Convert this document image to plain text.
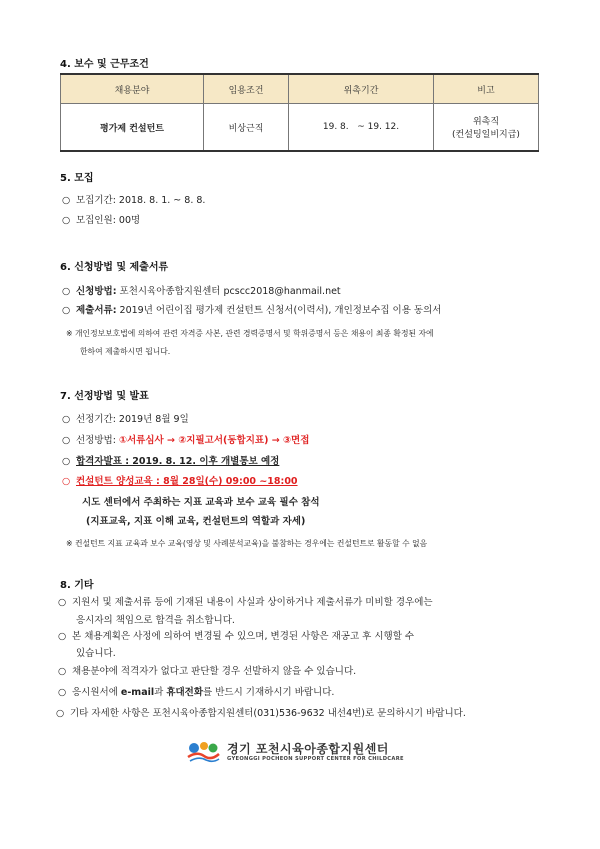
4. 보수 및 근무조건
채용분야	임용조건	위촉기간	비고
평가제 컨설턴트	비상근직	19. 8.   ~ 19. 12.	위촉직
(컨설팅일비지급)
5. 모집
○ 모집기간: 2018. 8. 1. ~ 8. 8.
○ 모집인원: 00명
6. 신청방법 및 제출서류
○ 신청방법: 포천시육아종합지원센터 pcscc2018@hanmail.net
○ 제출서류: 2019년 어린이집 평가제 컨설턴트 신청서(이력서), 개인정보수집 이용 동의서
※ 개인정보보호법에 의하여 관련 자격증 사본, 관련 경력증명서 및 학위증명서 등은 채용이 최종 확정된 자에
한하여 제출하시면 됩니다.
7. 선정방법 및 발표
○ 선정기간: 2019년 8월 9일
○ 선정방법: ①서류심사 → ②지필고서(동합지표) → ③면접
○ 합격자발표 : 2019. 8. 12. 이후 개별통보 예정
○ 컨설턴트 양성교육 : 8월 28일(수) 09:00 ~18:00
시도 센터에서 주최하는 지표 교육과 보수 교육 필수 참석
(지표교육, 지표 이해 교육, 컨설턴트의 역할과 자세)
※ 컨설턴트 지표 교육과 보수 교육(영상 및 사례분석교육)을 불참하는 경우에는 컨설턴트로 활동할 수 없음
8. 기타
○ 지원서 및 제출서류 등에 기재된 내용이 사실과 상이하거나 제출서류가 미비할 경우에는
응시자의 책임으로 합격을 취소합니다.
○ 본 채용계획은 사정에 의하여 변경될 수 있으며, 변경된 사항은 재공고 후 시행할 수
있습니다.
○ 채용분야에 적격자가 없다고 판단할 경우 선발하지 않을 수 있습니다.
○ 응시원서에 e-mail과 휴대전화를 반드시 기재하시기 바랍니다.
○ 기타 자세한 사항은 포천시육아종합지원센터(031)536-9632 내선4번)로 문의하시기 바랍니다.
경기 포천시육아종합지원센터
GYEONGGI POCHEON SUPPORT CENTER FOR CHILDCARE
